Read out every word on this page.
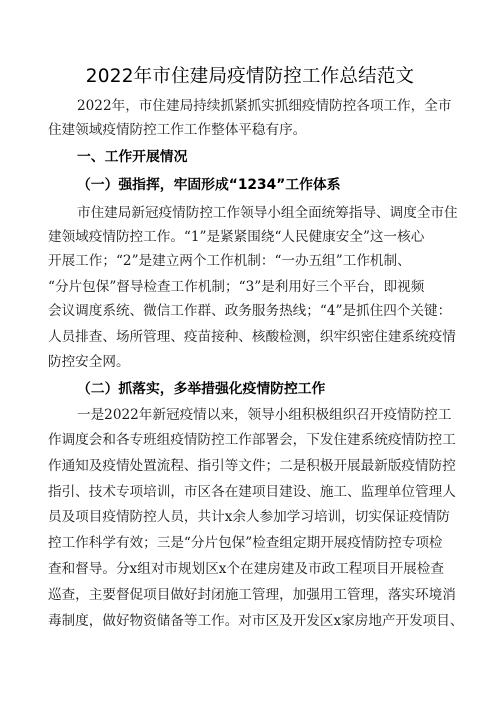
2022年市住建局疫情防控工作总结范文
2022年，市住建局持续抓紧抓实抓细疫情防控各项工作，全市
住建领域疫情防控工作工作整体平稳有序。
一、工作开展情况
（一）强指挥，牢固形成“1234”工作体系
市住建局新冠疫情防控工作领导小组全面统筹指导、调度全市住
建领域疫情防控工作。“1”是紧紧围绕“人民健康安全”这一核心
开展工作；“2”是建立两个工作机制：“一办五组”工作机制、
“分片包保”督导检查工作机制；“3”是利用好三个平台，即视频
会议调度系统、微信工作群、政务服务热线；“4”是抓住四个关键：
人员排查、场所管理、疫苗接种、核酸检测，织牢织密住建系统疫情
防控安全网。
（二）抓落实，多举措强化疫情防控工作
一是2022年新冠疫情以来，领导小组积极组织召开疫情防控工
作调度会和各专班组疫情防控工作部署会，下发住建系统疫情防控工
作通知及疫情处置流程、指引等文件；二是积极开展最新版疫情防控
指引、技术专项培训，市区各在建项目建设、施工、监理单位管理人
员及项目疫情防控人员，共计x余人参加学习培训，切实保证疫情防
控工作科学有效；三是“分片包保”检查组定期开展疫情防控专项检
查和督导。分x组对市规划区x个在建房建及市政工程项目开展检查
巡查，主要督促项目做好封闭施工管理，加强用工管理，落实环境消
毒制度，做好物资储备等工作。对市区及开发区x家房地产开发项目、
